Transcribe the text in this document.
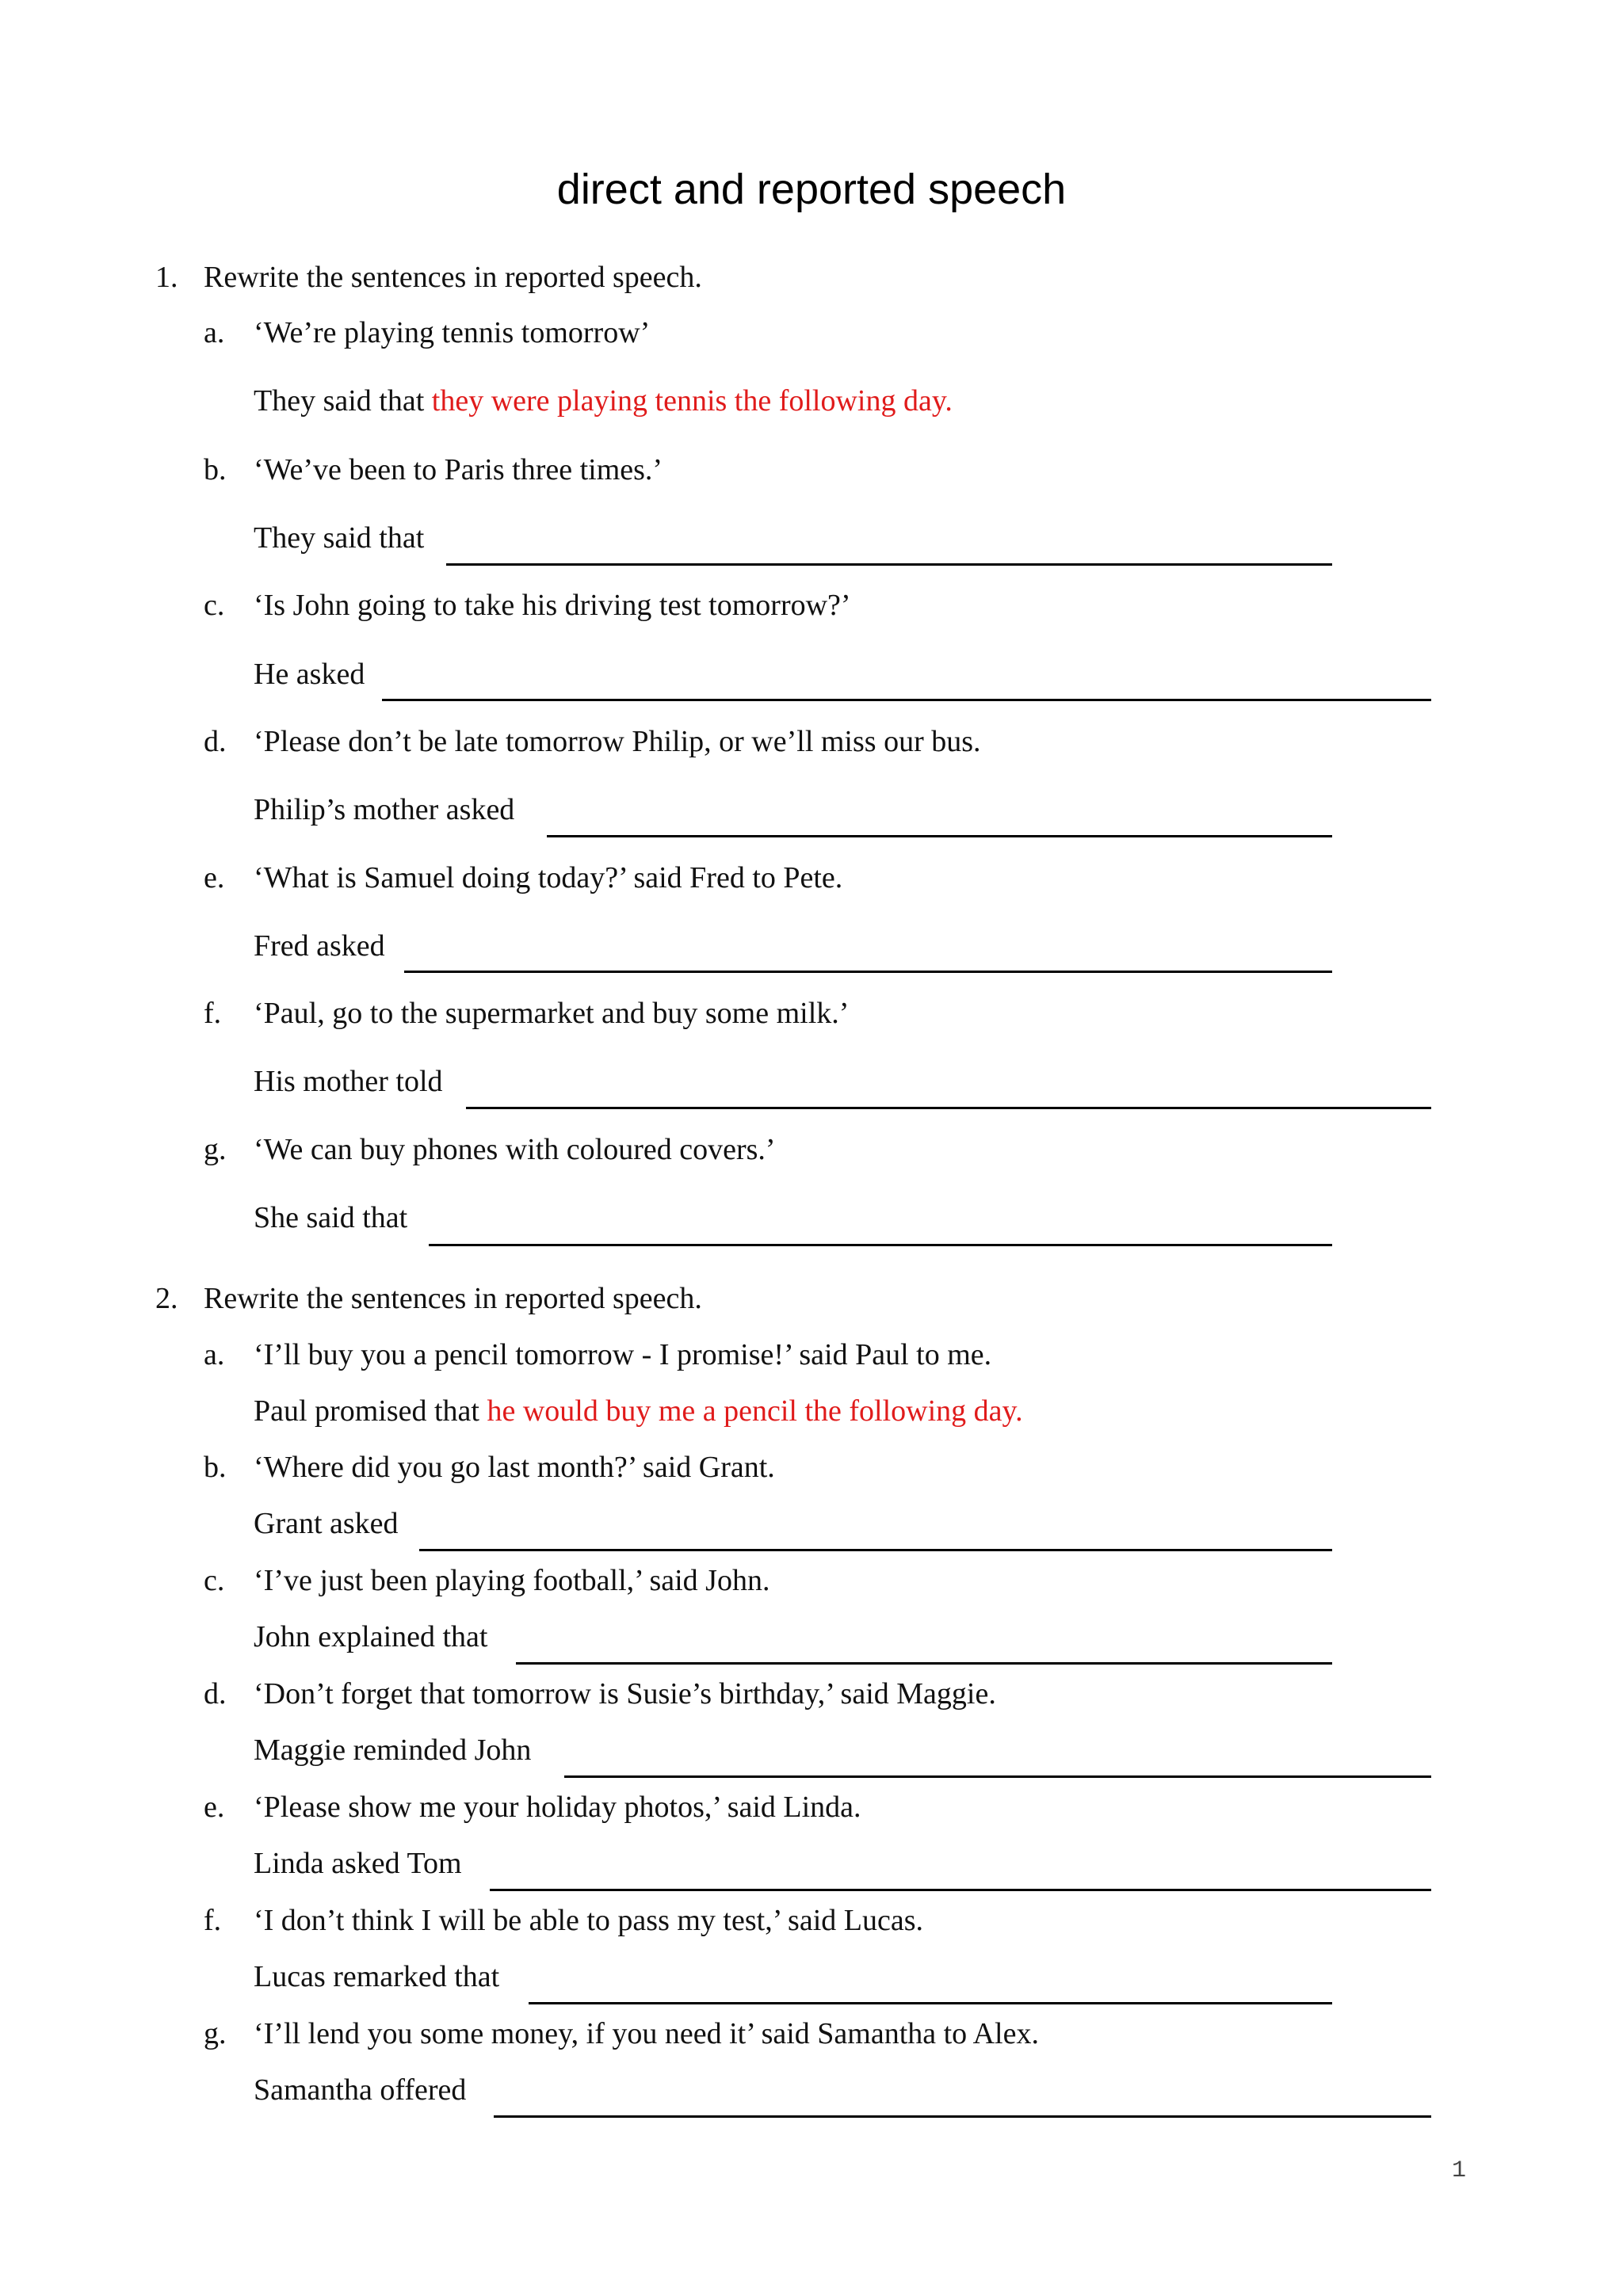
direct and reported speech
1. Rewrite the sentences in reported speech.
a. ‘We’re playing tennis tomorrow’
They said that they were playing tennis the following day.
b. ‘We’ve been to Paris three times.’
They said that
c. ‘Is John going to take his driving test tomorrow?’
He asked
d. ‘Please don’t be late tomorrow Philip, or we’ll miss our bus.
Philip’s mother asked
e. ‘What is Samuel doing today?’ said Fred to Pete.
Fred asked
f. ‘Paul, go to the supermarket and buy some milk.’
His mother told
g. ‘We can buy phones with coloured covers.’
She said that
2. Rewrite the sentences in reported speech.
a. ‘I’ll buy you a pencil tomorrow - I promise!’ said Paul to me.
Paul promised that he would buy me a pencil the following day.
b. ‘Where did you go last month?’ said Grant.
Grant asked
c. ‘I’ve just been playing football,’ said John.
John explained that
d. ‘Don’t forget that tomorrow is Susie’s birthday,’ said Maggie.
Maggie reminded John
e. ‘Please show me your holiday photos,’ said Linda.
Linda asked Tom
f. ‘I don’t think I will be able to pass my test,’ said Lucas.
Lucas remarked that
g. ‘I’ll lend you some money, if you need it’ said Samantha to Alex.
Samantha offered
1
